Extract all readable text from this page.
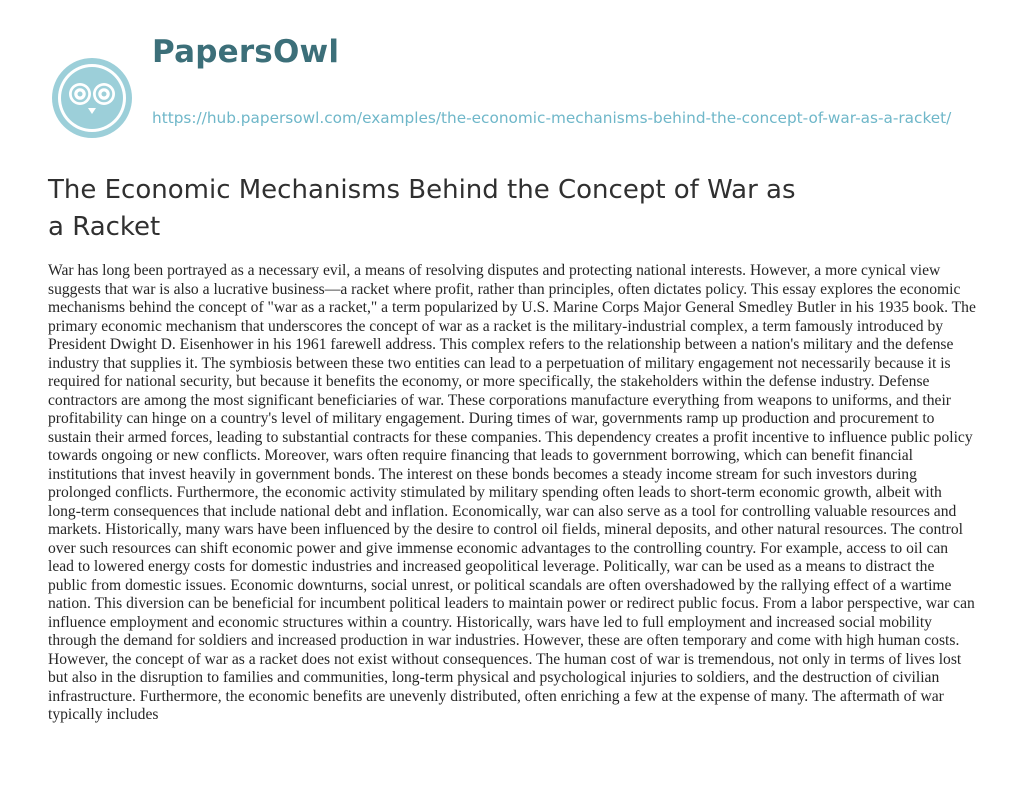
PapersOwl
https://hub.papersowl.com/examples/the-economic-mechanisms-behind-the-concept-of-war-as-a-racket/
The Economic Mechanisms Behind the Concept of War as a Racket

War has long been portrayed as a necessary evil, a means of resolving disputes and protecting national interests. However, a more cynical view suggests that war is also a lucrative business—a racket where profit, rather than principles, often dictates policy. This essay explores the economic mechanisms behind the concept of "war as a racket," a term popularized by U.S. Marine Corps Major General Smedley Butler in his 1935 book. The primary economic mechanism that underscores the concept of war as a racket is the military-industrial complex, a term famously introduced by President Dwight D. Eisenhower in his 1961 farewell address. This complex refers to the relationship between a nation's military and the defense industry that supplies it. The symbiosis between these two entities can lead to a perpetuation of military engagement not necessarily because it is required for national security, but because it benefits the economy, or more specifically, the stakeholders within the defense industry. Defense contractors are among the most significant beneficiaries of war. These corporations manufacture everything from weapons to uniforms, and their profitability can hinge on a country's level of military engagement. During times of war, governments ramp up production and procurement to sustain their armed forces, leading to substantial contracts for these companies. This dependency creates a profit incentive to influence public policy towards ongoing or new conflicts. Moreover, wars often require financing that leads to government borrowing, which can benefit financial institutions that invest heavily in government bonds. The interest on these bonds becomes a steady income stream for such investors during prolonged conflicts. Furthermore, the economic activity stimulated by military spending often leads to short-term economic growth, albeit with long-term consequences that include national debt and inflation. Economically, war can also serve as a tool for controlling valuable resources and markets. Historically, many wars have been influenced by the desire to control oil fields, mineral deposits, and other natural resources. The control over such resources can shift economic power and give immense economic advantages to the controlling country. For example, access to oil can lead to lowered energy costs for domestic industries and increased geopolitical leverage. Politically, war can be used as a means to distract the public from domestic issues. Economic downturns, social unrest, or political scandals are often overshadowed by the rallying effect of a wartime nation. This diversion can be beneficial for incumbent political leaders to maintain power or redirect public focus. From a labor perspective, war can influence employment and economic structures within a country. Historically, wars have led to full employment and increased social mobility through the demand for soldiers and increased production in war industries. However, these are often temporary and come with high human costs. However, the concept of war as a racket does not exist without consequences. The human cost of war is tremendous, not only in terms of lives lost but also in the disruption to families and communities, long-term physical and psychological injuries to soldiers, and the destruction of civilian infrastructure. Furthermore, the economic benefits are unevenly distributed, often enriching a few at the expense of many. The aftermath of war typically includes
